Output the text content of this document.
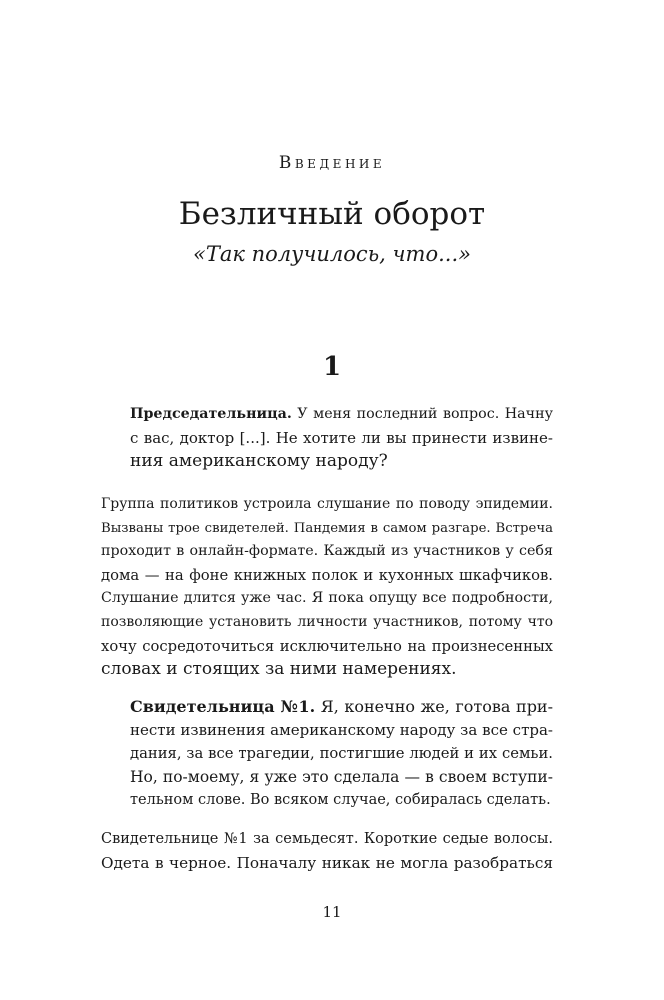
Введение
Безличный оборот
«Так получилось, что...»
1
Председательница. У меня последний вопрос. Начну
с вас, доктор [...]. Не хотите ли вы принести извине-
ния американскому народу?
Группа политиков устроила слушание по поводу эпидемии.
Вызваны трое свидетелей. Пандемия в самом разгаре. Встреча
проходит в онлайн-формате. Каждый из участников у себя
дома — на фоне книжных полок и кухонных шкафчиков.
Слушание длится уже час. Я пока опущу все подробности,
позволяющие установить личности участников, потому что
хочу сосредоточиться исключительно на произнесенных
словах и стоящих за ними намерениях.
Свидетельница №1. Я, конечно же, готова при-
нести извинения американскому народу за все стра-
дания, за все трагедии, постигшие людей и их семьи.
Но, по-моему, я уже это сделала — в своем вступи-
тельном слове. Во всяком случае, собиралась сделать.
Свидетельнице №1 за семьдесят. Короткие седые волосы.
Одета в черное. Поначалу никак не могла разобраться
11
